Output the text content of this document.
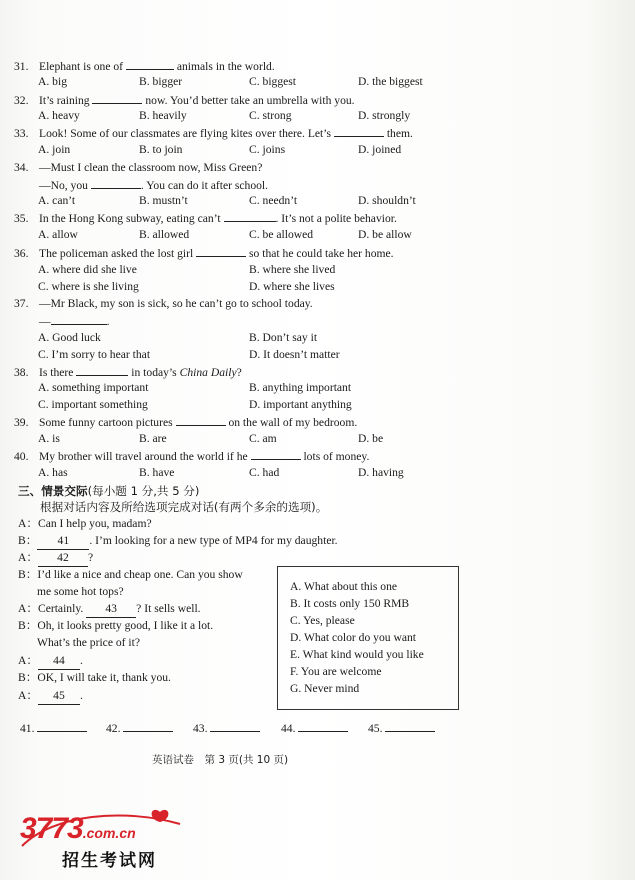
31. Elephant is one of	animals in the world.
A. big	B. bigger	C. biggest	D. the biggest
32. It’s raining	now. You’d better take an umbrella with you.
A. heavy	B. heavily	C. strong	D. strongly
33. Look! Some of our classmates are flying kites over there. Let’s	them.
A. join	B. to join	C. joins	D. joined
34. —Must I clean the classroom now, Miss Green?
—No, you	. You can do it after school.
A. can’t	B. mustn’t	C. needn’t	D. shouldn’t
35. In the Hong Kong subway, eating can’t	. It’s not a polite behavior.
A. allow	B. allowed	C. be allowed	D. be allow
36. The policeman asked the lost girl	so that he could take her home.
A. where did she live	B. where she lived
C. where is she living	D. where she lives
37. —Mr Black, my son is sick, so he can’t go to school today.
—	.
A. Good luck	B. Don’t say it
C. I’m sorry to hear that	D. It doesn’t matter
38. Is there	in today’s China Daily?
A. something important	B. anything important
C. important something	D. important anything
39. Some funny cartoon pictures	on the wall of my bedroom.
A. is	B. are	C. am	D. be
40. My brother will travel around the world if he	lots of money.
A. has	B. have	C. had	D. having
三、情景交际(每小题 1 分,共 5 分)
根据对话内容及所给选项完成对话(有两个多余的选项)。
A：Can I help you, madam?
B： 41 . I’m looking for a new type of MP4 for my daughter.
A： 42 ?
B：I’d like a nice and cheap one. Can you show
me some hot tops?
A：Certainly. 43 ? It sells well.
B：Oh, it looks pretty good, I like it a lot.
What’s the price of it?
A： 44 .
B：OK, I will take it, thank you.
A： 45 .
A. What about this one
B. It costs only 150 RMB
C. Yes, please
D. What color do you want
E. What kind would you like
F. You are welcome
G. Never mind
41.	42.	43.	44.	45.
英语试卷　第 3 页(共 10 页)
3773.com.cn
招生考试网
